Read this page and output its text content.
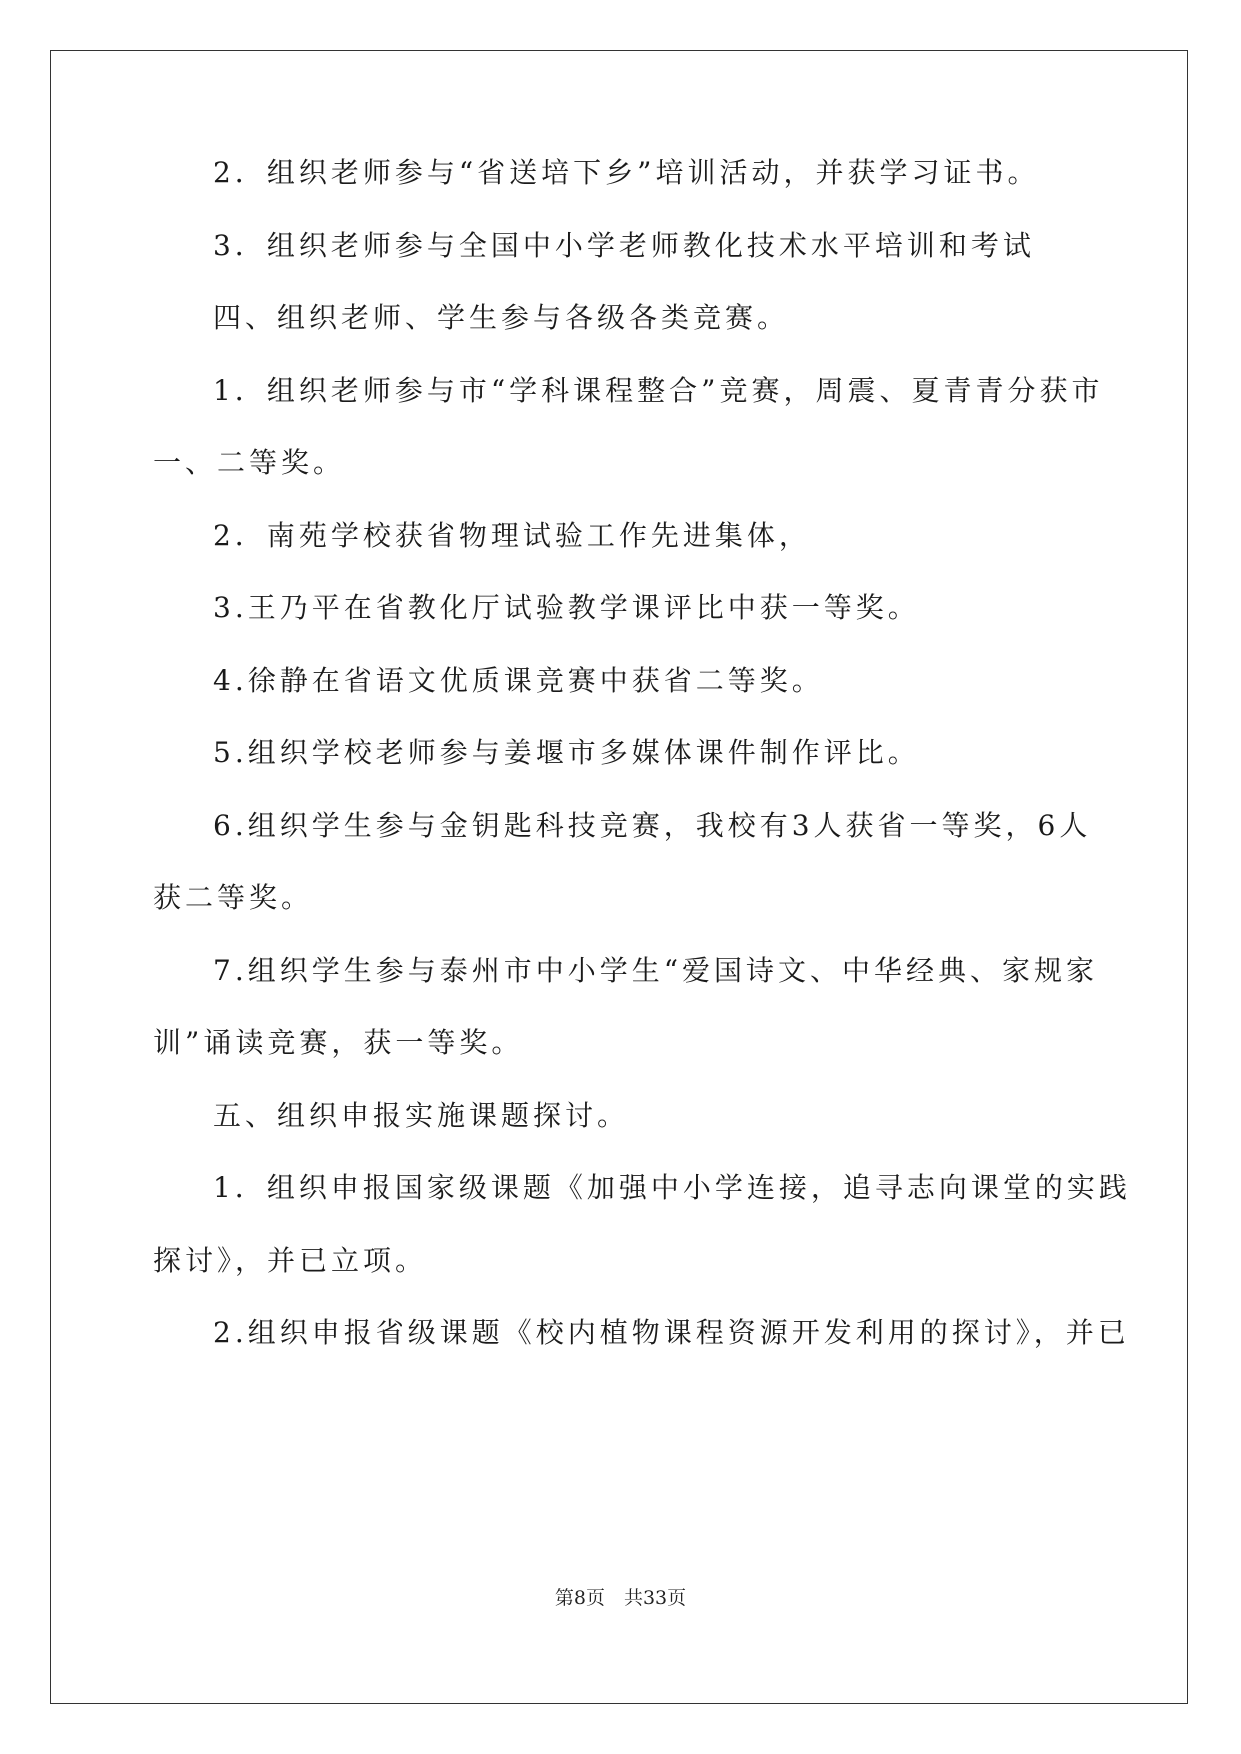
2．组织老师参与“省送培下乡”培训活动，并获学习证书。
3．组织老师参与全国中小学老师教化技术水平培训和考试
四、组织老师、学生参与各级各类竞赛。
1．组织老师参与市“学科课程整合”竞赛，周震、夏青青分获市
一、二等奖。
2．南苑学校获省物理试验工作先进集体，
3.王乃平在省教化厅试验教学课评比中获一等奖。
4.徐静在省语文优质课竞赛中获省二等奖。
5.组织学校老师参与姜堰市多媒体课件制作评比。
6.组织学生参与金钥匙科技竞赛，我校有3人获省一等奖，6人
获二等奖。
7.组织学生参与泰州市中小学生“爱国诗文、中华经典、家规家
训”诵读竞赛，获一等奖。
五、组织申报实施课题探讨。
1．组织申报国家级课题《加强中小学连接，追寻志向课堂的实践
探讨》，并已立项。
2.组织申报省级课题《校内植物课程资源开发利用的探讨》，并已
第8页　共33页
